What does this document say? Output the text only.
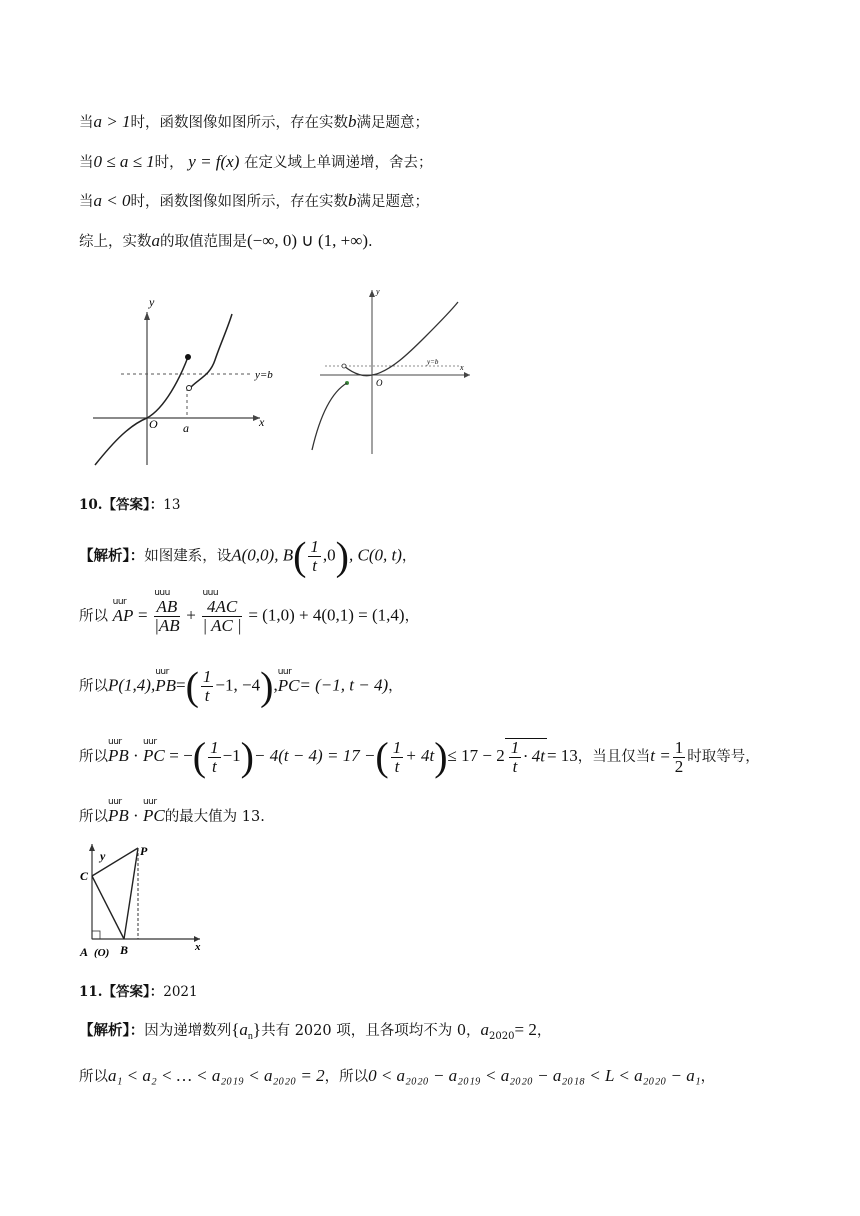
当a > 1时，函数图像如图所示，存在实数b满足题意；
当0 ≤ a ≤ 1时， y = f(x) 在定义域上单调递增，舍去；
当a < 0时，函数图像如图所示，存在实数b满足题意；
综上，实数a的取值范围是(−∞, 0) ∪ (1, +∞).
y
x
O
y=b
a
y
x
O
y=b
10.【答案】：13
【解析】：如图建系，设A(0,0), $B( \frac{1}{t} ,0)$, C(0, t)，
所以 uur AP = uuu $\frac{AB}{|AB}$ + uuu $\frac{4AC}{| AC |} = (1,0) + 4(0,1) = (1,4)$，
所以P(1,4),uur $PB=( \frac{1}{t} -1$, −4),uur PC= (−1, t − 4)，
所以uur PB · uur PC = −( $\frac{1}{t} -1)- 4(t - 4) = 17$ −( $\frac{1}{t} + 4t)\le 17 - 2 \frac{1}{t} \cdot 4t = 13$，当且仅当$t = \frac{1}{2}$ 时取等号，
所以uur PB · uur PC的最大值为 13.
y
x
C
P
A (O) B
11.【答案】：2021
【解析】：因为递增数列$\{a_n\}$共有 2020 项，且各项均不为 0，$a_{2020}= 2$，
所以a₁ < a₂ < … < a₂₀₁₉ < a₂₀₂₀ = 2，所以0 < a₂₀₂₀ − a₂₀₁₉ < a₂₀₂₀ − a₂₀₁₈ < L < a₂₀₂₀ − a₁，
